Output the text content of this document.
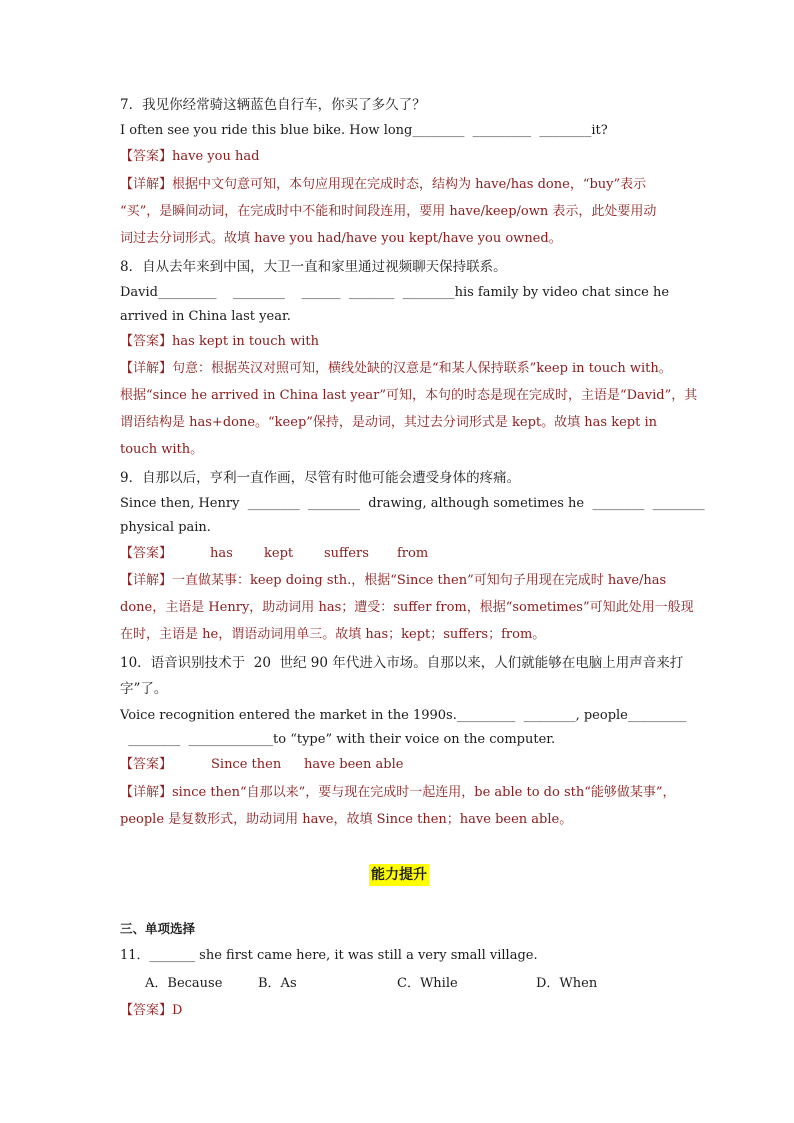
7．我见你经常骑这辆蓝色自行车，你买了多久了？
I often see you ride this blue bike. How long________  _________  ________it?
【答案】have you had
【详解】根据中文句意可知，本句应用现在完成时态，结构为 have/has done，“buy”表示
“买”，是瞬间动词，在完成时中不能和时间段连用，要用 have/keep/own 表示，此处要用动
词过去分词形式。故填 have you had/have you kept/have you owned。
8．自从去年来到中国，大卫一直和家里通过视频聊天保持联系。
David_________    ________    ______  _______  ________his family by video chat since he
arrived in China last year.
【答案】has kept in touch with
【详解】句意：根据英汉对照可知，横线处缺的汉意是“和某人保持联系”keep in touch with。
根据“since he arrived in China last year”可知，本句的时态是现在完成时，主语是“David”，其
谓语结构是 has+done。“keep”保持，是动词，其过去分词形式是 kept。故填 has kept in
touch with。
9．自那以后，亨利一直作画，尽管有时他可能会遭受身体的疼痛。
Since then, Henry  ________  ________  drawing, although sometimes he  ________  ________
physical pain.
【答案】	has kept suffers from
【详解】一直做某事：keep doing sth.，根据“Since then”可知句子用现在完成时 have/has
done，主语是 Henry，助动词用 has；遭受：suffer from，根据“sometimes”可知此处用一般现
在时，主语是 he，谓语动词用单三。故填 has；kept；suffers；from。
10．语音识别技术于  20  世纪 90 年代进入市场。自那以来，人们就能够在电脑上用声音来打
字”了。
Voice recognition entered the market in the 1990s._________  ________, people_________
________  _____________to “type” with their voice on the computer.
【答案】	Since then have been able
【详解】since then“自那以来”，要与现在完成时一起连用，be able to do sth“能够做某事”，
people 是复数形式，助动词用 have，故填 Since then；have been able。
能力提升
三、单项选择
11．_______ she first came here, it was still a very small village.
A．Because	B．As	C．While	D．When
【答案】D
